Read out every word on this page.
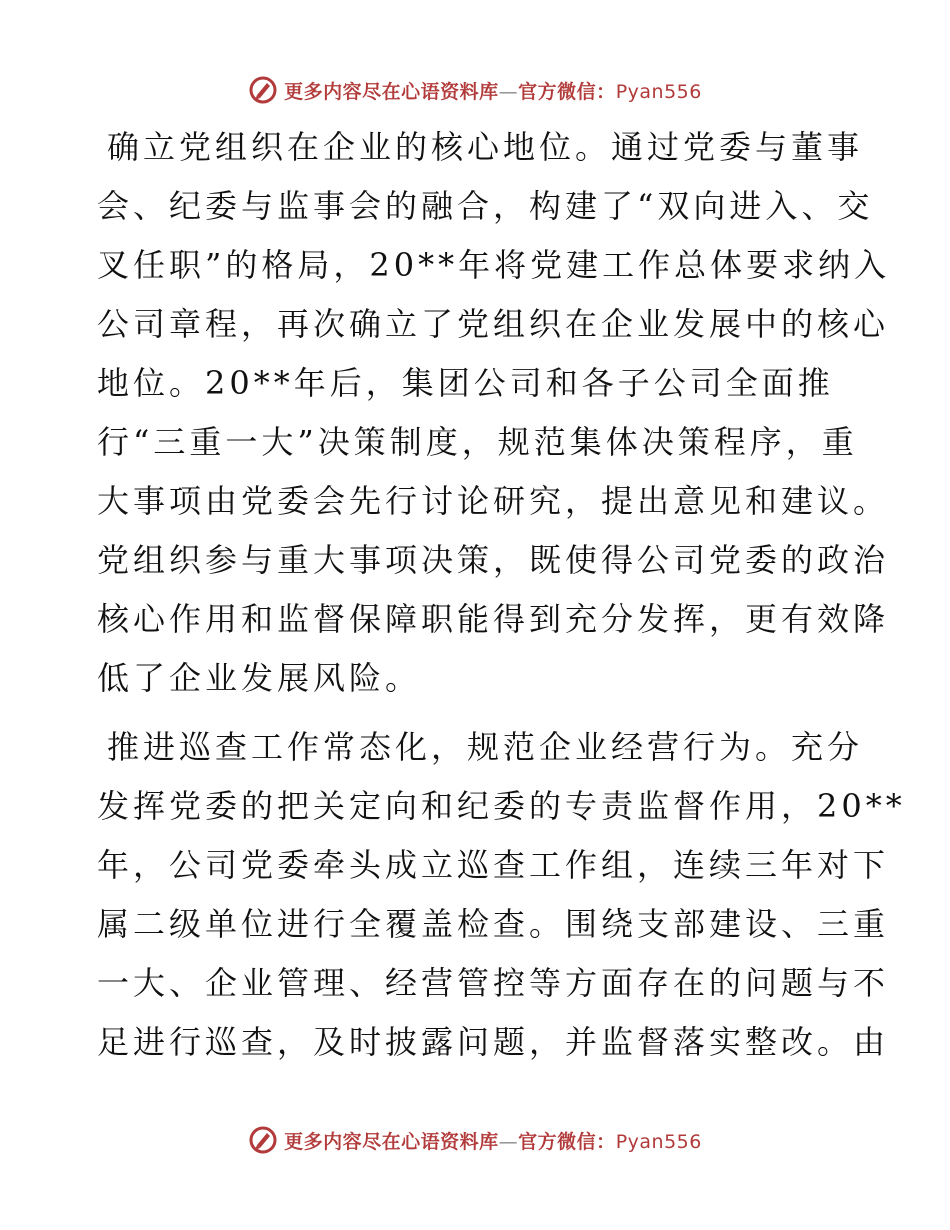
更多内容尽在心语资料库—官方微信：Pyan556

确立党组织在企业的核心地位。通过党委与董事
会、纪委与监事会的融合，构建了“双向进入、交
叉任职”的格局，20**年将党建工作总体要求纳入
公司章程，再次确立了党组织在企业发展中的核心
地位。20**年后，集团公司和各子公司全面推
行“三重一大”决策制度，规范集体决策程序，重
大事项由党委会先行讨论研究，提出意见和建议。
党组织参与重大事项决策，既使得公司党委的政治
核心作用和监督保障职能得到充分发挥，更有效降
低了企业发展风险。

推进巡查工作常态化，规范企业经营行为。充分
发挥党委的把关定向和纪委的专责监督作用，20**
年，公司党委牵头成立巡查工作组，连续三年对下
属二级单位进行全覆盖检查。围绕支部建设、三重
一大、企业管理、经营管控等方面存在的问题与不
足进行巡查，及时披露问题，并监督落实整改。由

更多内容尽在心语资料库—官方微信：Pyan556
